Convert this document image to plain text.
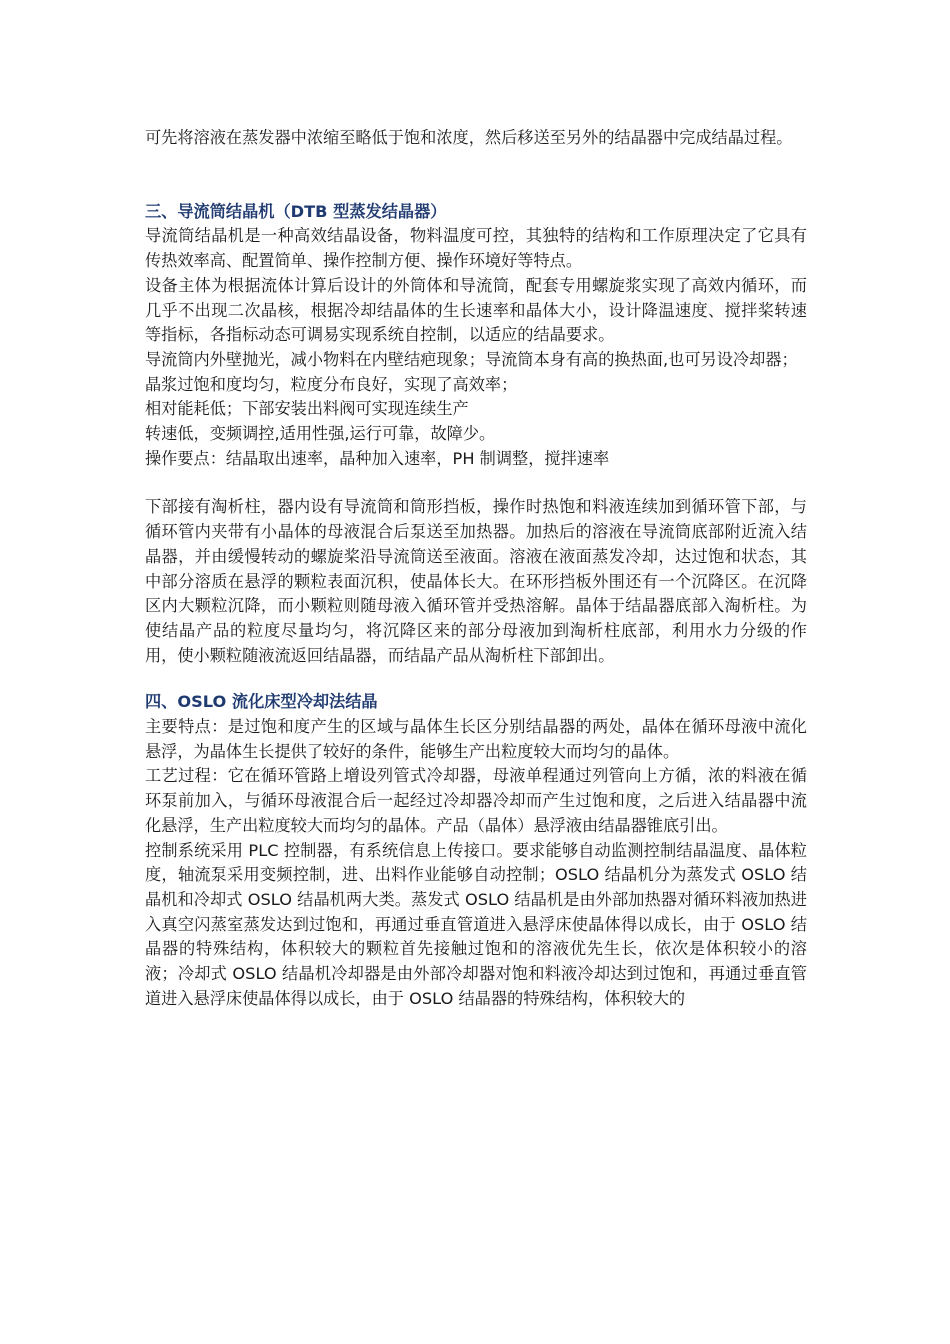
可先将溶液在蒸发器中浓缩至略低于饱和浓度，然后移送至另外的结晶器中完成结晶过程。

三、导流筒结晶机（DTB 型蒸发结晶器）

导流筒结晶机是一种高效结晶设备，物料温度可控，其独特的结构和工作原理决定了它具有传热效率高、配置简单、操作控制方便、操作环境好等特点。

设备主体为根据流体计算后设计的外筒体和导流筒，配套专用螺旋浆实现了高效内循环，而几乎不出现二次晶核，根据冷却结晶体的生长速率和晶体大小，设计降温速度、搅拌桨转速等指标，各指标动态可调易实现系统自控制，以适应的结晶要求。

导流筒内外壁抛光，减小物料在内壁结疤现象；导流筒本身有高的换热面,也可另设冷却器；

晶浆过饱和度均匀，粒度分布良好，实现了高效率；

相对能耗低；下部安装出料阀可实现连续生产

转速低，变频调控,适用性强,运行可靠，故障少。

操作要点：结晶取出速率，晶种加入速率，PH 制调整，搅拌速率

下部接有淘析柱，器内设有导流筒和筒形挡板，操作时热饱和料液连续加到循环管下部，与循环管内夹带有小晶体的母液混合后泵送至加热器。加热后的溶液在导流筒底部附近流入结晶器，并由缓慢转动的螺旋桨沿导流筒送至液面。溶液在液面蒸发冷却，达过饱和状态，其中部分溶质在悬浮的颗粒表面沉积，使晶体长大。在环形挡板外围还有一个沉降区。在沉降区内大颗粒沉降，而小颗粒则随母液入循环管并受热溶解。晶体于结晶器底部入淘析柱。为使结晶产品的粒度尽量均匀，将沉降区来的部分母液加到淘析柱底部，利用水力分级的作用，使小颗粒随液流返回结晶器，而结晶产品从淘析柱下部卸出。

四、OSLO 流化床型冷却法结晶

主要特点：是过饱和度产生的区域与晶体生长区分别结晶器的两处，晶体在循环母液中流化悬浮，为晶体生长提供了较好的条件，能够生产出粒度较大而均匀的晶体。

工艺过程：它在循环管路上增设列管式冷却器，母液单程通过列管向上方循，浓的料液在循环泵前加入，与循环母液混合后一起经过冷却器冷却而产生过饱和度，之后进入结晶器中流化悬浮，生产出粒度较大而均匀的晶体。产品（晶体）悬浮液由结晶器锥底引出。

控制系统采用 PLC 控制器，有系统信息上传接口。要求能够自动监测控制结晶温度、晶体粒度，轴流泵采用变频控制，进、出料作业能够自动控制；OSLO 结晶机分为蒸发式 OSLO 结晶机和冷却式 OSLO 结晶机两大类。蒸发式 OSLO 结晶机是由外部加热器对循环料液加热进入真空闪蒸室蒸发达到过饱和，再通过垂直管道进入悬浮床使晶体得以成长，由于 OSLO 结晶器的特殊结构，体积较大的颗粒首先接触过饱和的溶液优先生长，依次是体积较小的溶液；冷却式 OSLO 结晶机冷却器是由外部冷却器对饱和料液冷却达到过饱和，再通过垂直管道进入悬浮床使晶体得以成长，由于 OSLO 结晶器的特殊结构，体积较大的
